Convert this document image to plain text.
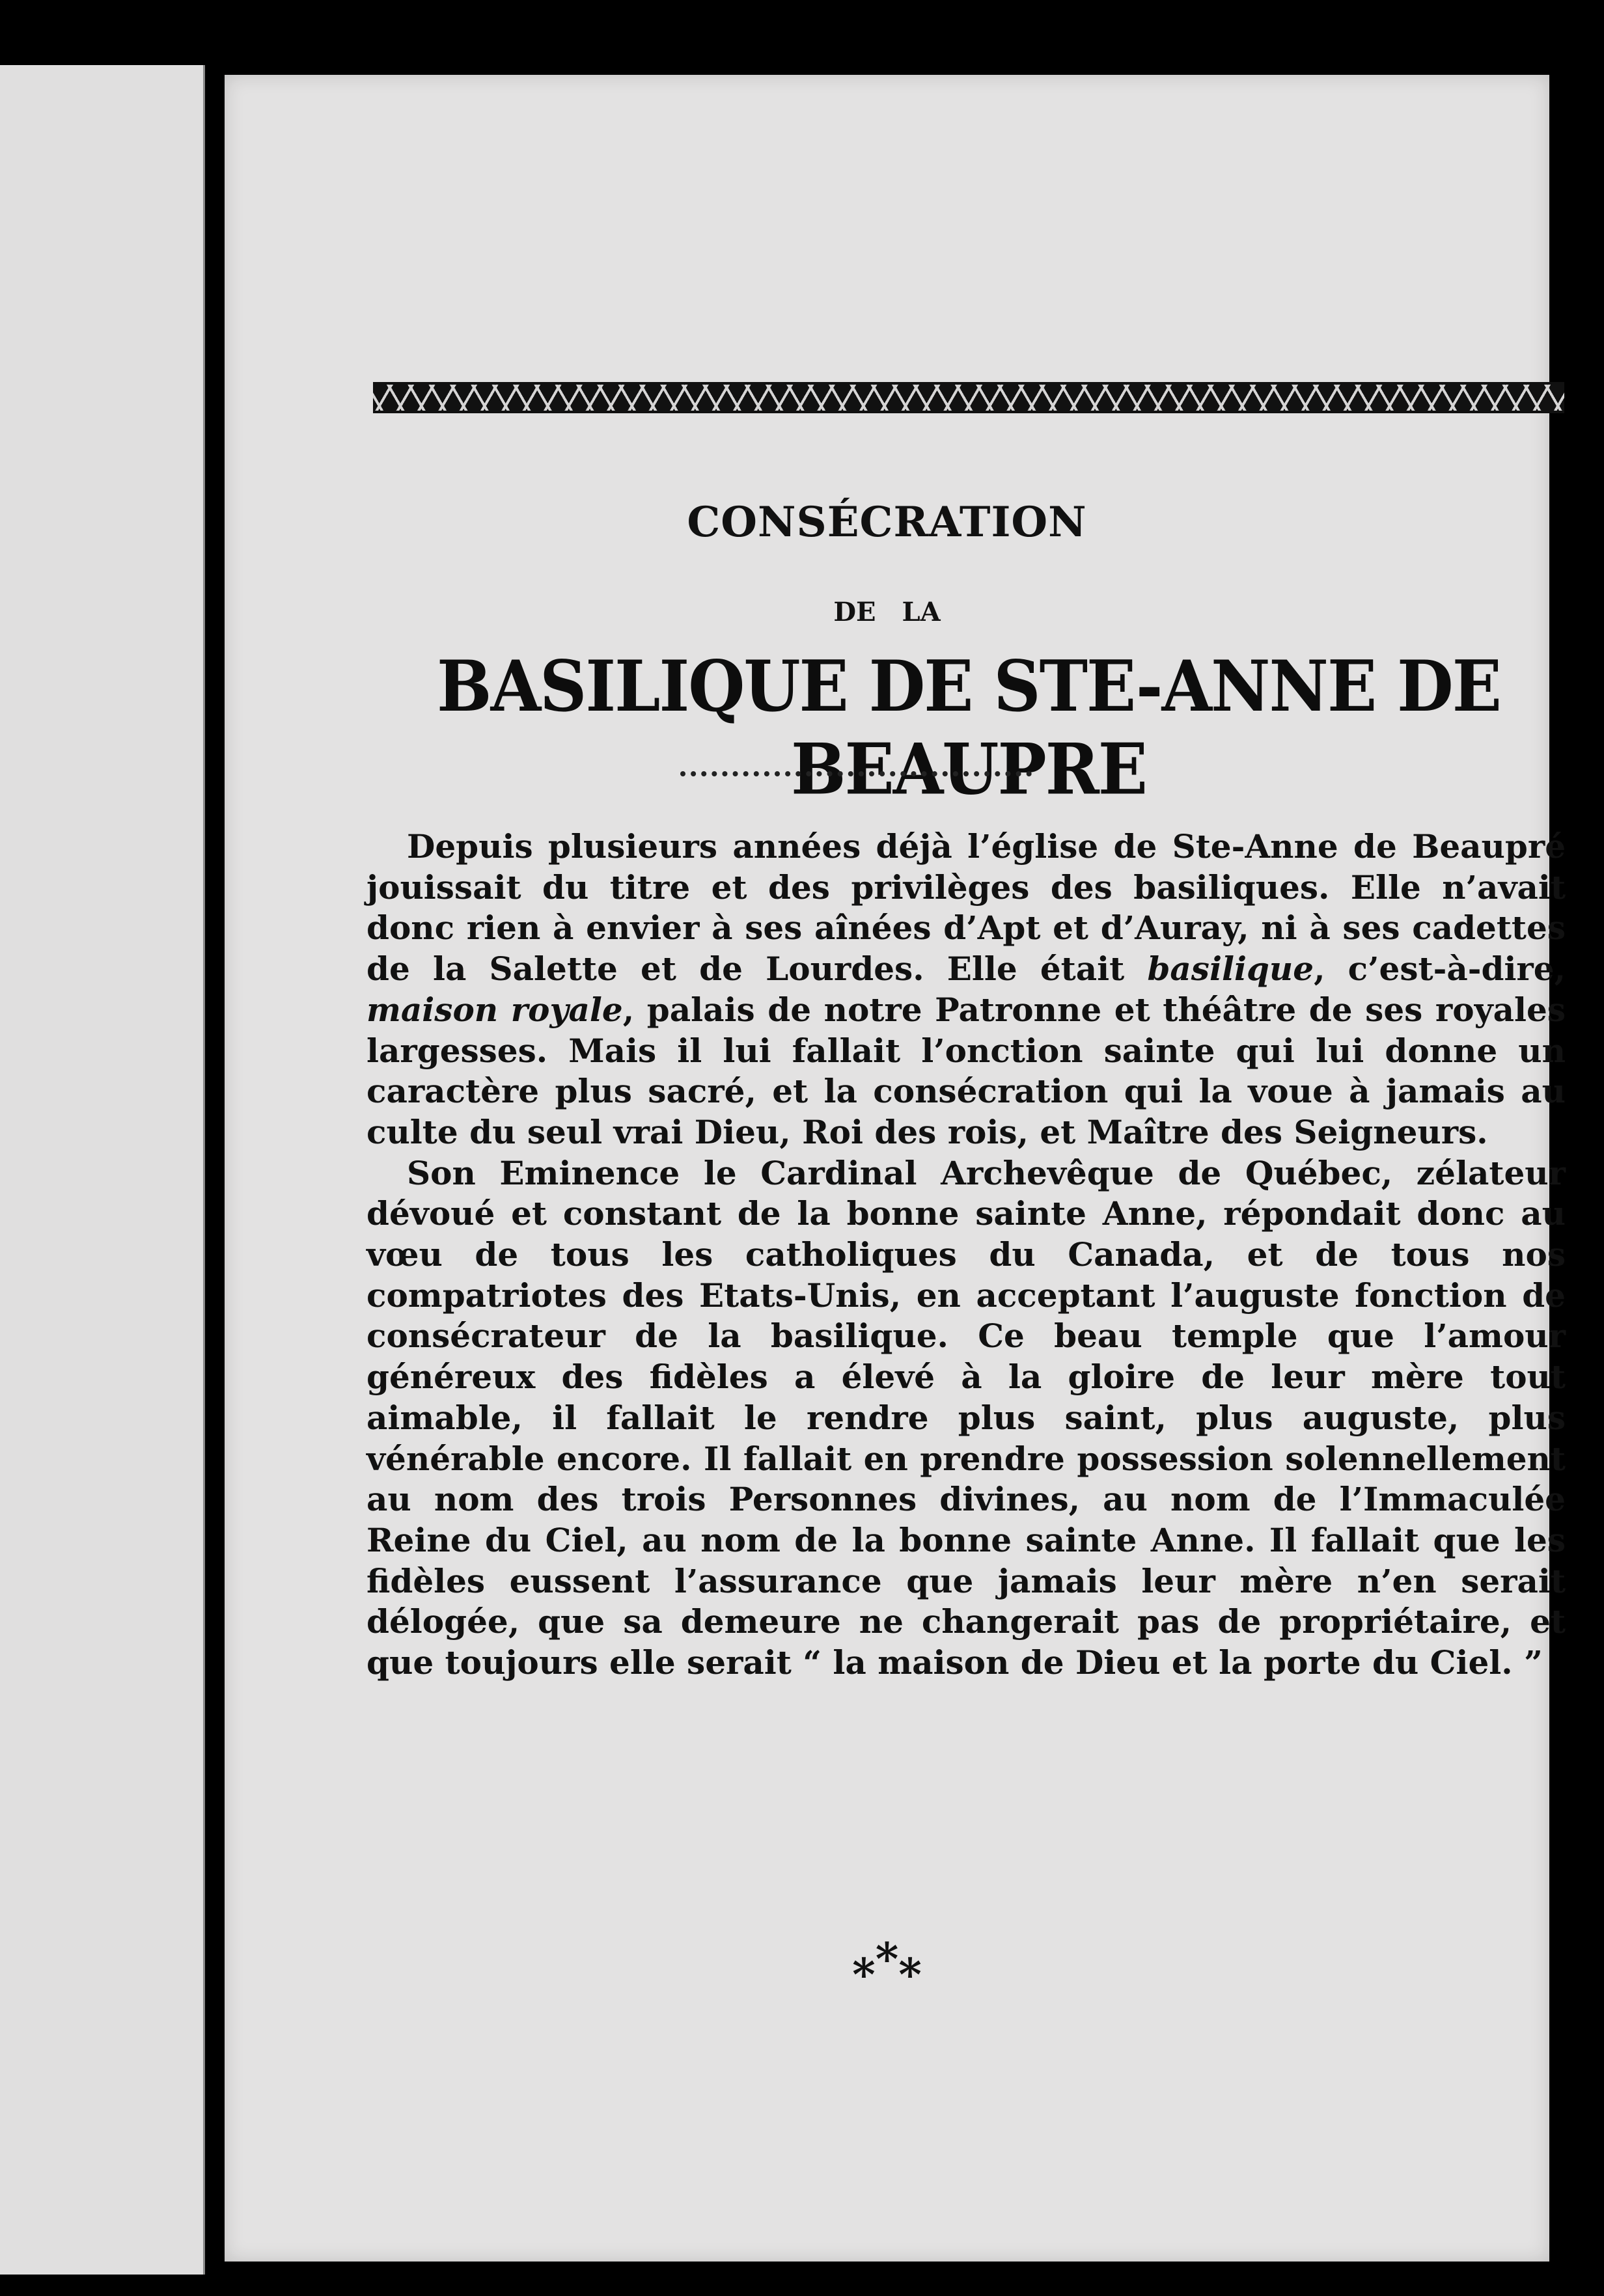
CONSÉCRATION
DE LA
BASILIQUE DE STE-ANNE DE BEAUPRE

Depuis plusieurs années déjà l’église de Ste-Anne de Beaupré jouissait du titre et des privilèges des basiliques. Elle n’avait donc rien à envier à ses aînées d’Apt et d’Auray, ni à ses cadettes de la Salette et de Lourdes. Elle était basilique, c’est-à-dire, maison royale, palais de notre Patronne et théâtre de ses royales largesses. Mais il lui fallait l’onction sainte qui lui donne un caractère plus sacré, et la consécration qui la voue à jamais au culte du seul vrai Dieu, Roi des rois, et Maître des Seigneurs.

Son Eminence le Cardinal Archevêque de Québec, zélateur dévoué et constant de la bonne sainte Anne, répondait donc au vœu de tous les catholiques du Canada, et de tous nos compatriotes des Etats-Unis, en acceptant l’auguste fonction de consécrateur de la basilique. Ce beau temple que l’amour généreux des fidèles a élevé à la gloire de leur mère tout aimable, il fallait le rendre plus saint, plus auguste, plus vénérable encore. Il fallait en prendre possession solennellement au nom des trois Personnes divines, au nom de l’Immaculée Reine du Ciel, au nom de la bonne sainte Anne. Il fallait que les fidèles eussent l’assurance que jamais leur mère n’en serait délogée, que sa demeure ne changerait pas de propriétaire, et que toujours elle serait “ la maison de Dieu et la porte du Ciel. ”

***
